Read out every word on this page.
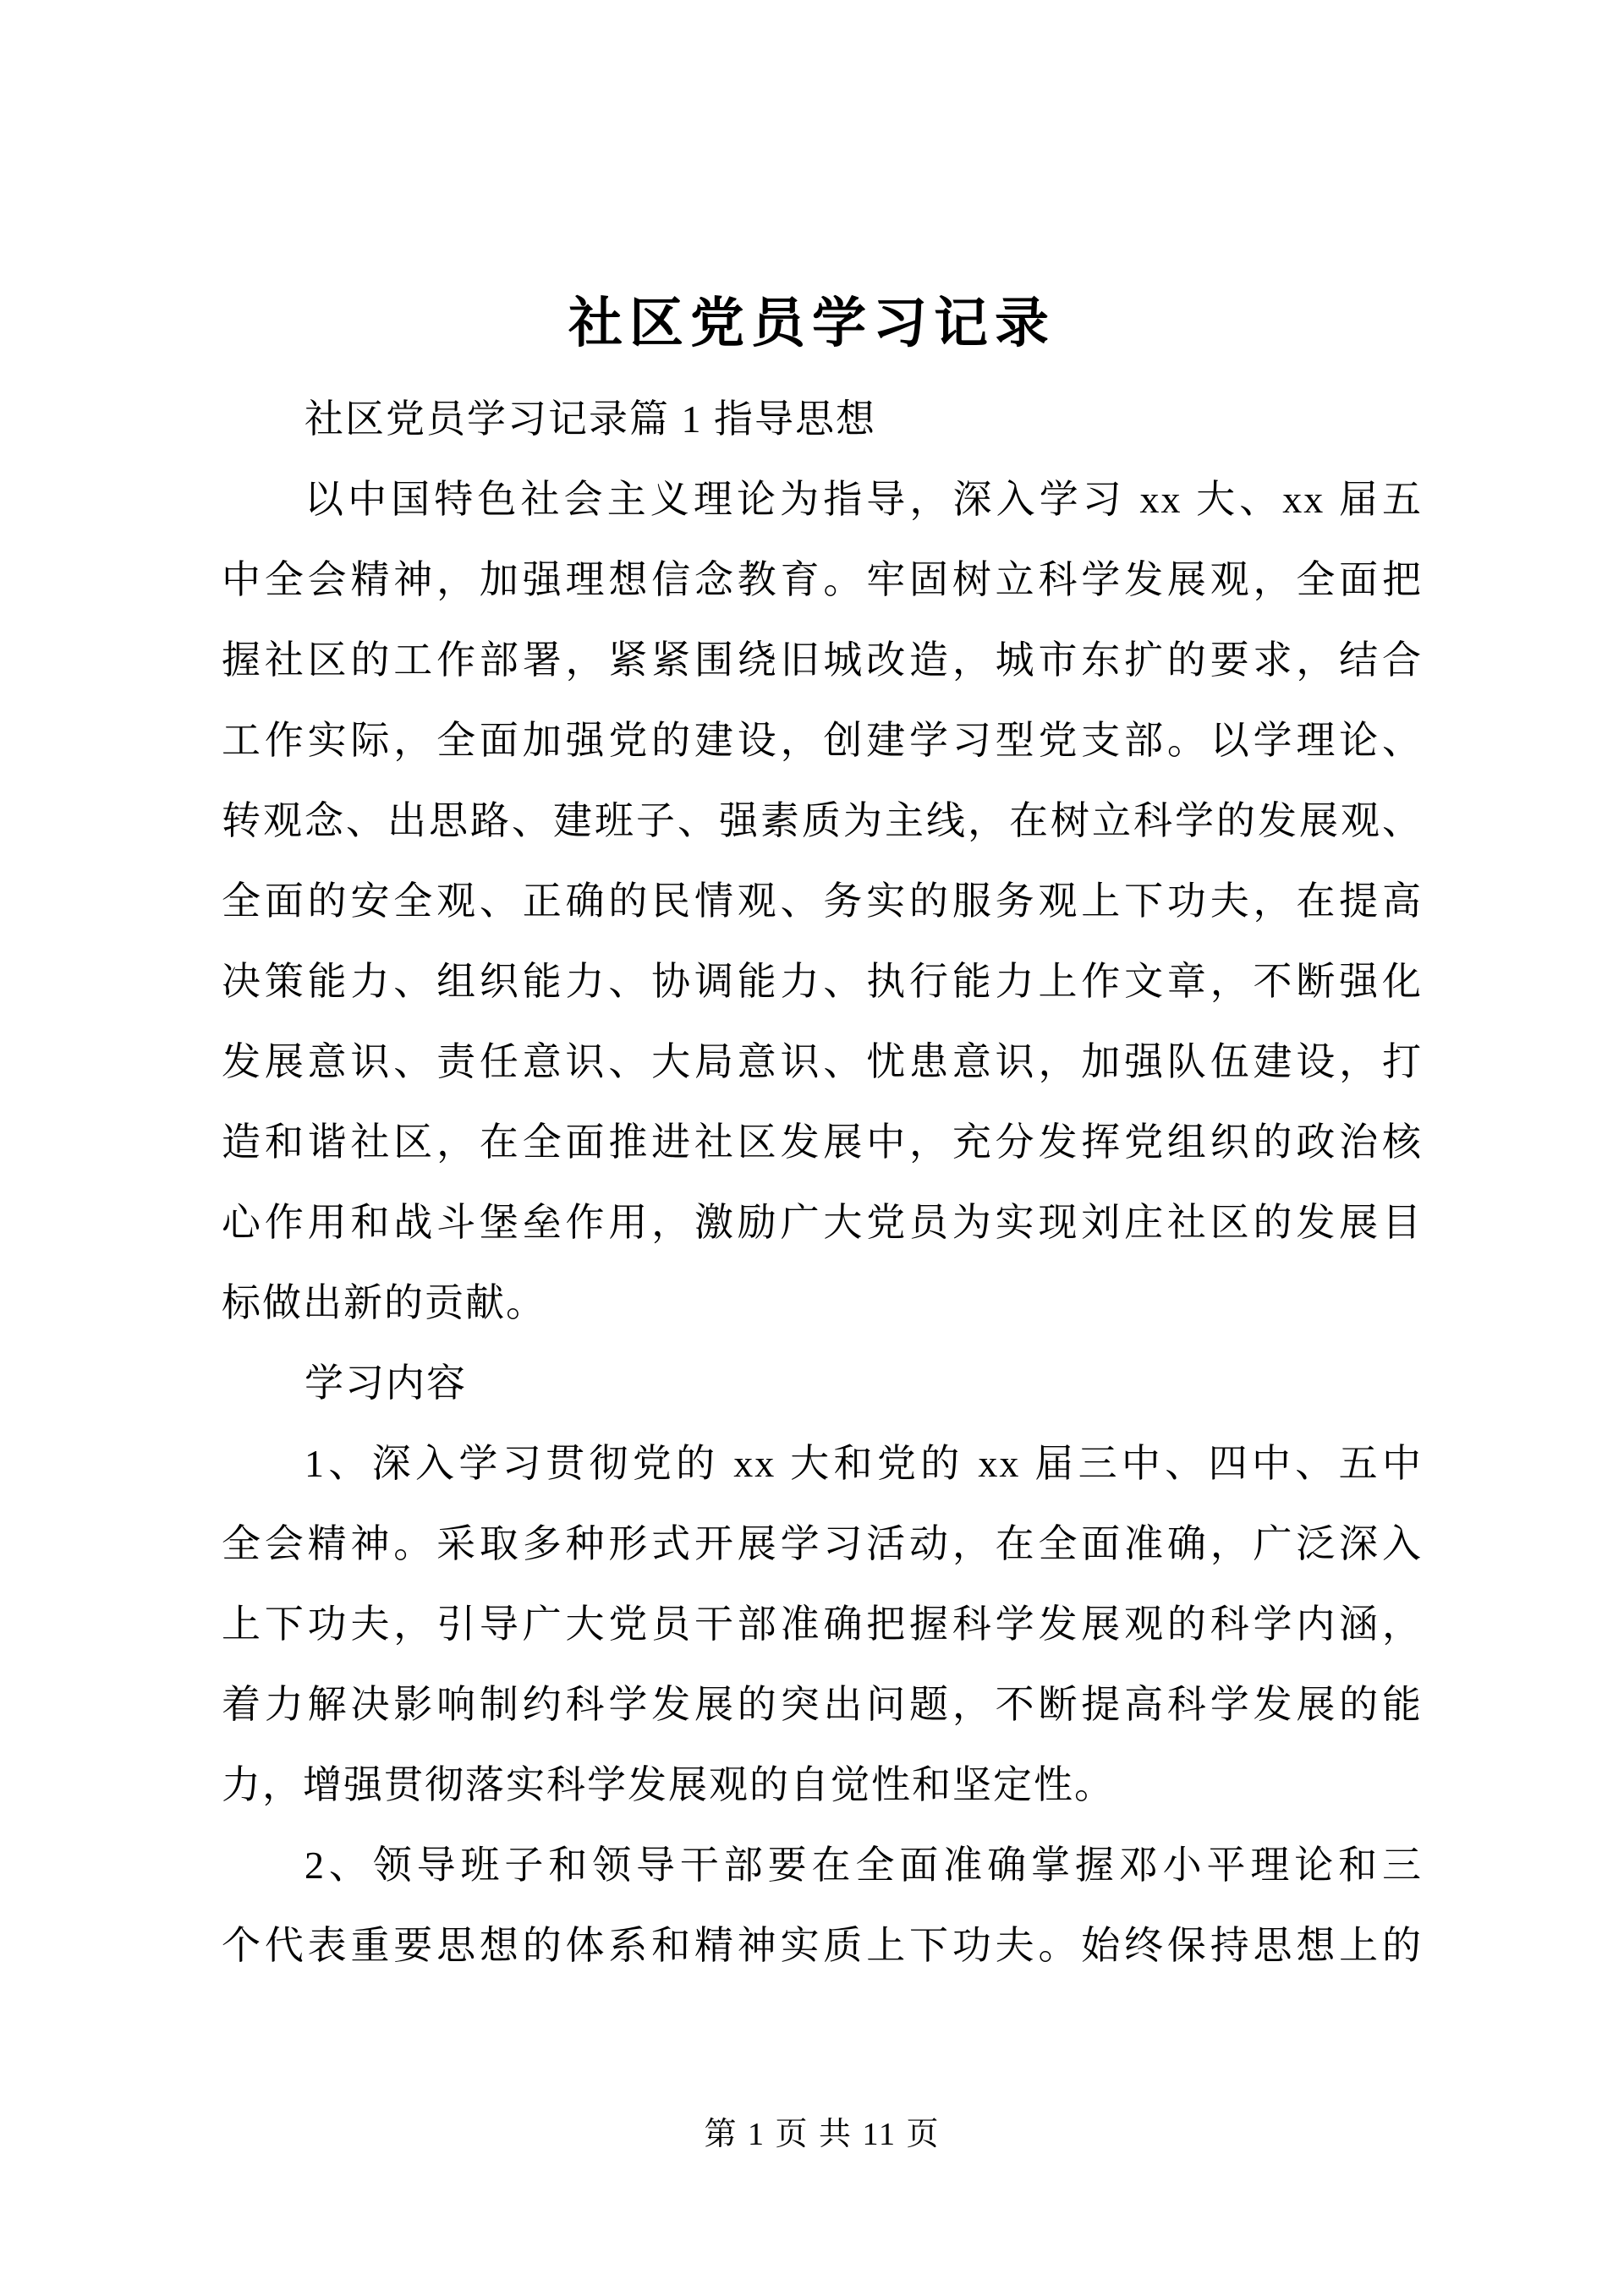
社区党员学习记录
社区党员学习记录篇 1 指导思想
以中国特色社会主义理论为指导，深入学习 xx 大、xx 届五
中全会精神，加强理想信念教育。牢固树立科学发展观，全面把
握社区的工作部署，紧紧围绕旧城改造，城市东扩的要求，结合
工作实际，全面加强党的建设，创建学习型党支部。以学理论、
转观念、出思路、建班子、强素质为主线，在树立科学的发展观、
全面的安全观、正确的民情观、务实的服务观上下功夫，在提高
决策能力、组织能力、协调能力、执行能力上作文章，不断强化
发展意识、责任意识、大局意识、忧患意识，加强队伍建设，打
造和谐社区，在全面推进社区发展中，充分发挥党组织的政治核
心作用和战斗堡垒作用，激励广大党员为实现刘庄社区的发展目
标做出新的贡献。
学习内容
1、深入学习贯彻党的 xx 大和党的 xx 届三中、四中、五中
全会精神。采取多种形式开展学习活动，在全面准确，广泛深入
上下功夫，引导广大党员干部准确把握科学发展观的科学内涵，
着力解决影响制约科学发展的突出问题，不断提高科学发展的能
力，增强贯彻落实科学发展观的自觉性和坚定性。
2、领导班子和领导干部要在全面准确掌握邓小平理论和三
个代表重要思想的体系和精神实质上下功夫。始终保持思想上的
第 1 页 共 11 页
